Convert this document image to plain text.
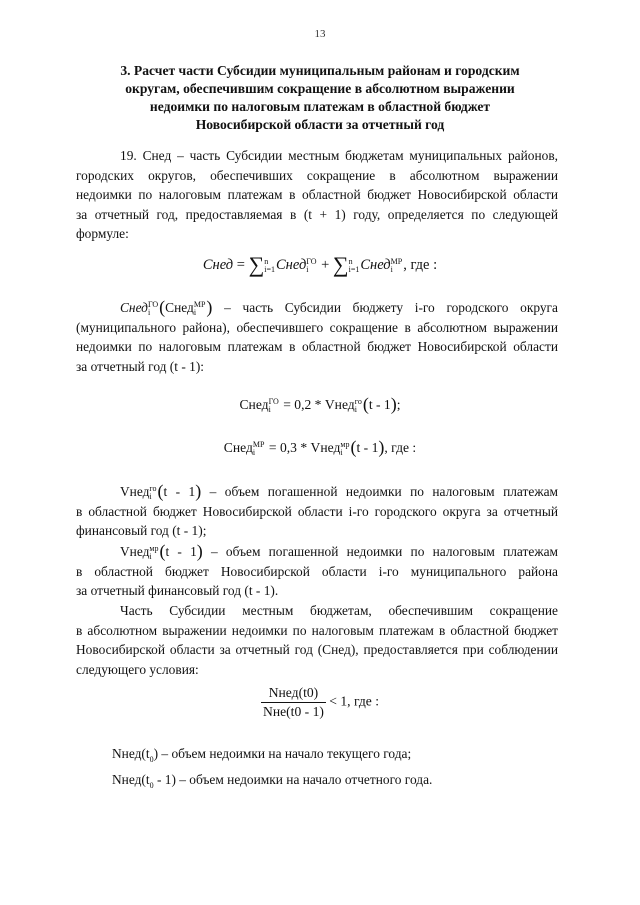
13
3. Расчет части Субсидии муниципальным районам и городским
округам, обеспечившим сокращение в абсолютном выражении
недоимки по налоговым платежам в областной бюджет
Новосибирской области за отчетный год
19. Снед – часть Субсидии местным бюджетам муниципальных районов,
городских округов, обеспечивших сокращение в абсолютном выражении
недоимки по налоговым платежам в областной бюджет Новосибирской области
за отчетный год, предоставляемая в (t + 1) году, определяется по следующей
формуле:
Снед = ∑n
i=1СнедГО
i + ∑n
i=1СнедМР
i , где :
СнедГО
i (СнедМР
i ) – часть Субсидии бюджету i-го городского округа
(муниципального района), обеспечившего сокращение в абсолютном выражении
недоимки по налоговым платежам в областной бюджет Новосибирской области
за отчетный год (t - 1):
СнедГО
i = 0,2 * Vнедго
i (t - 1);
СнедМР
i = 0,3 * Vнедмр
i (t - 1), где :
Vнедго
i (t - 1) – объем погашенной недоимки по налоговым платежам
в областной бюджет Новосибирской области i-го городского округа за отчетный
финансовый год (t - 1);
Vнедмр
i (t - 1) – объем погашенной недоимки по налоговым платежам
в областной бюджет Новосибирской области i-го муниципального района
за отчетный финансовый год (t - 1).
Часть Субсидии местным бюджетам, обеспечившим сокращение
в абсолютном выражении недоимки по налоговым платежам в областной бюджет
Новосибирской области за отчетный год (Снед), предоставляется при соблюдении
следующего условия:
$\frac{\text{Nнед(t0)}}{\text{Nнe(t0 - 1)}} < 1$, где :
$Nнед(t_0)$ – объем недоимки на начало текущего года;
$Nнед(t_0 - 1)$ – объем недоимки на начало отчетного года.
